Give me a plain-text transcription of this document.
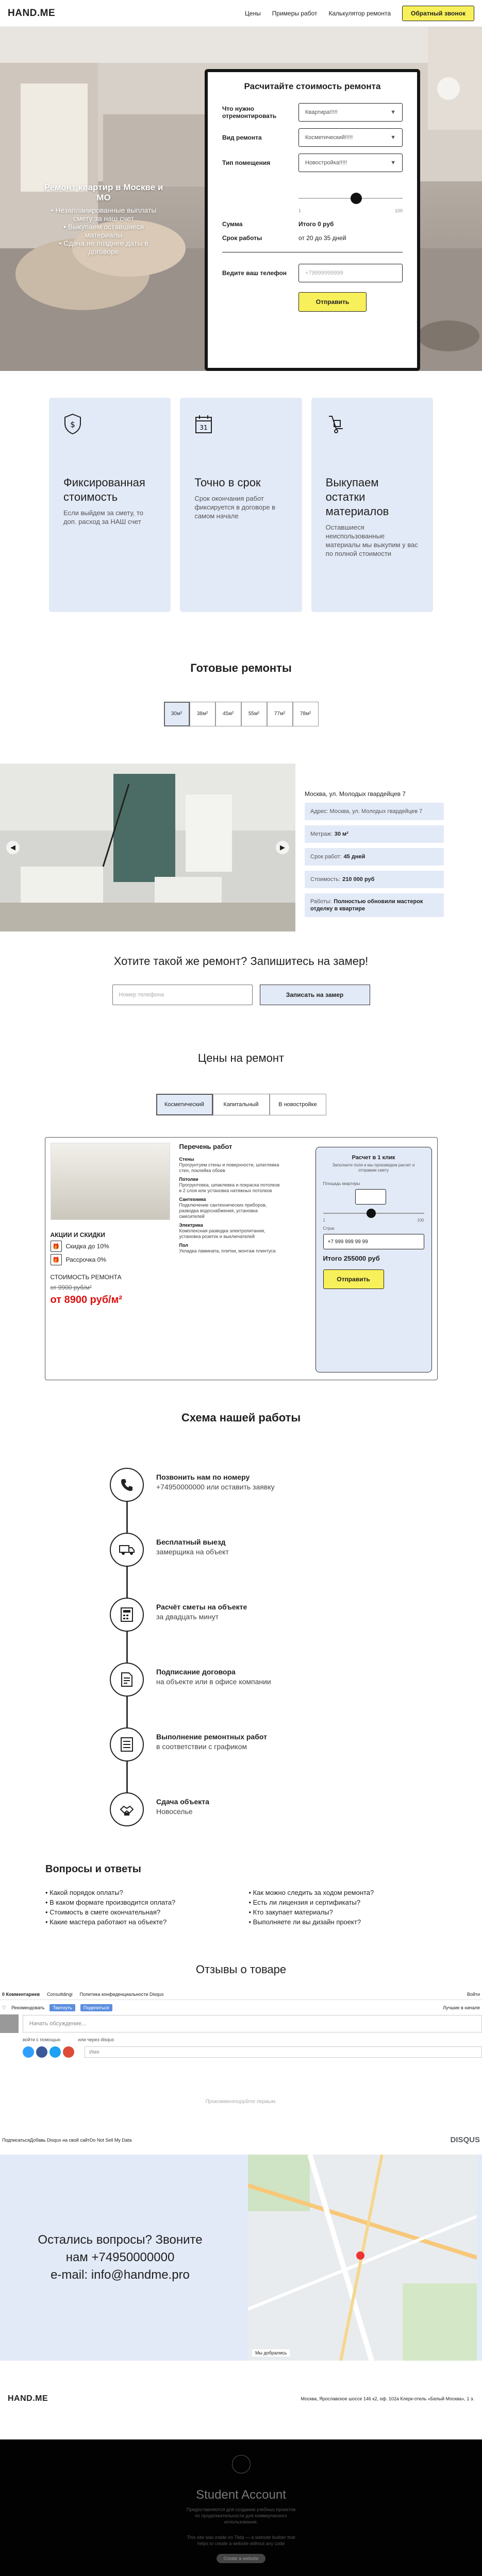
HAND.ME	Цены Примеры работ Калькулятор ремонта	Обратный звонок
Ремонт квартир в Москве и МО
• Незапланированные выплаты
смету за наш счет
• Выкупаем оставшиеся
материалы
• Сдача не позднее даты в
договоре
Расчитайте стоимость ремонта
Что нужно отремонтировать	Квартира!!!!!	▼
Вид ремонта	Косметический!!!!!	▼
Тип помещения	Новостройка!!!!!	▼
1	100
Сумма	Итого 0 руб
Срок работы	от 20 до 35 дней
Ведите ваш телефон	+79999999999
Отправить
$
Фиксированная стоимость

Если выйдем за смету, то доп. расход за НАШ счет

31
Точно в срок

Срок окончания работ фиксируется в договоре в самом начале

Выкупаем остатки материалов

Оставшиеся неиспользованные материалы мы выкупим у вас по полной стоимости

Готовые ремонты
30 м²	38 м²	45 м²	55 м²	77 м²	78 м²
◀	▶
Москва, ул. Молодых гвардейцев 7
Адрес: Москва, ул. Молодых гвардейцев 7
Метраж: 30 м²
Срок работ: 45 дней
Стоимость: 210 000 руб
Работы: Полностью обновили мастерок отделку в квартире
Хотите такой же ремонт? Запишитесь на замер!
Номер телефона	Записать на замер
Цены на ремонт
Косметический	Капитальный	В новостройке
АКЦИИ И СКИДКИ
🎁	Скидка до 10%
🎁	Рассрочка 0%
СТОИМОСТЬ РЕМОНТА
от 9900 руб/м²
от 8900 руб/м²
Перечень работ
Стены
Прогрунтуем стены и поверхности, шпатлевка стен, поклейка обоев
Потолки
Прогрунтовка, шпаклевка и покраска потолков в 2 слоя или установка натяжных потолков
Сантехника
Подключение сантехнических приборов, разводка водоснабжения, установка смесителей
Электрика
Комплексная разводка электропитания, установка розеток и выключателей
Пол
Укладка ламината, плитки, монтаж плинтуса
Расчет в 1 клик
Заполните поля и мы произведем расчет и отправим смету
Площадь квартиры
1	100
Строк
+7 999 999 99 99
Итого 255000 руб
Отправить
Схема нашей работы
Позвонить нам по номеру
+74950000000 или оставить заявку
Бесплатный выезд
замерщика на объект
Расчёт сметы на объекте
за двадцать минут
Подписание договора
на объекте или в офисе компании
Выполнение ремонтных работ
в соответствии с графиком
Сдача объекта
Новоселье
Вопросы и ответы

• Какой порядок оплаты?

• В каком формате производится оплата?

• Стоимость в смете окончательная?

• Какие мастера работают на объекте?

• Как можно следить за ходом ремонта?

• Есть ли лицензия и сертификаты?

• Кто закупает материалы?

• Выполняете ли вы дизайн проект?

Отзывы о товаре
0 Комментариев Consultdingi Политика конфиденциальности Disqus	Войти
♡ Рекомендовать	Твитнуть	Поделиться	Лучшие в начале
Начать обсуждение...
войти с помощью	или через disqus
Имя
Прокомментируйте первым.
Подписаться Добавь Disqus на свой сайт Do Not Sell My Data	DISQUS
Остались вопросы? Звоните
нам +74950000000
e-mail: info@handme.pro
Мы добрались
HAND.ME	Москва, Ярославское шоссе 146 к2, оф. 102а Клерк-отель «Белый Москва», 1 э.
Student Account

Предоставляются для создания учебных проектов

по продолжительности для коммерческого

использования.

This site was made on Tilda — a website builder that

helps to create a website without any code

Create a website
